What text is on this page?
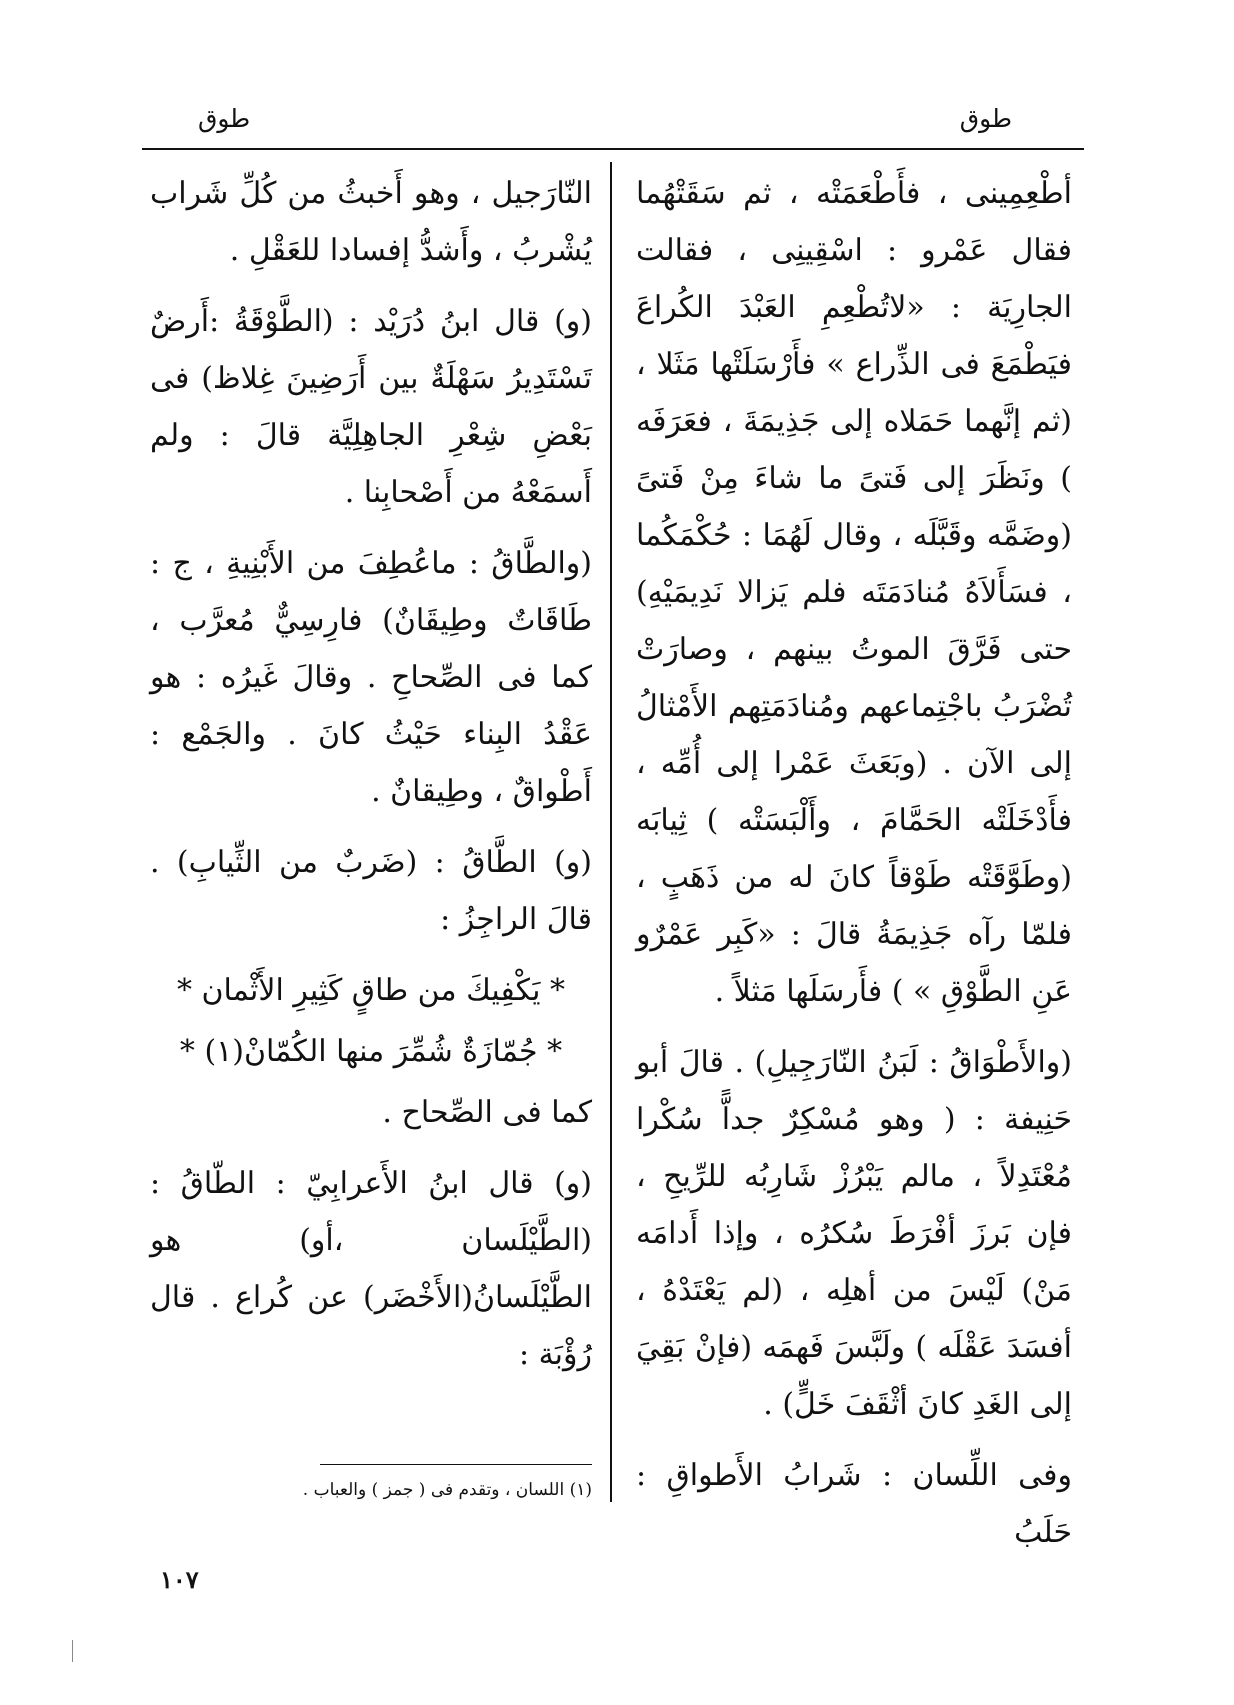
طوق	طوق

أطْعِمِينى ، فأَطْعَمَتْه ، ثم سَقَتْهُما فقال عَمْرو : اسْقِينِى ، فقالت الجارِيَة : «لاتُطْعِمِ العَبْدَ الكُراعَ فيَطْمَعَ فى الذِّراع » فأَرْسَلَتْها مَثَلا ، (ثم إنَّهما حَمَلاه إلى جَذِيمَةَ ، فعَرَفَه ) ونَظَرَ إلى فَتىً ما شاءَ مِنْ فَتىً (وضَمَّه وقَبَّلَه ، وقال لَهُمَا : حُكْمَكُما ، فسَأَلاَهُ مُنادَمَتَه فلم يَزالا نَدِيمَيْهِ) حتى فَرَّقَ الموتُ بينهم ، وصارَتْ تُضْرَبُ باجْتِماعهم ومُنادَمَتِهم الأَمْثالُ إلى الآن . (وبَعَثَ عَمْرا إلى أُمِّه ، فأَدْخَلَتْه الحَمَّامَ ، وأَلْبَسَتْه ) ثِيابَه (وطَوَّقَتْه طَوْقاً كانَ له من ذَهَبٍ ، فلمّا رآه جَذِيمَةُ قالَ : «كَبِر عَمْرٌو عَنِ الطَّوْقِ » ) فأَرسَلَها مَثلاً .

(والأَطْوَاقُ : لَبَنُ النّارَجِيلِ) . قالَ أبو حَنِيفة : ( وهو مُسْكِرٌ جداًّ سُكْرا مُعْتَدِلاً ، مالم يَبْرُزْ شَارِبُه للرِّيحِ ، فإن بَرزَ أفْرَطَ سُكرُه ، وإذا أَدامَه مَنْ) لَيْسَ من أهلِه ، (لم يَعْتَدْهُ ، أفسَدَ عَقْلَه ) ولَبَّسَ فَهمَه (فإنْ بَقِيَ إلى الغَدِ كانَ أثْقَفَ خَلٍّ) .

وفى اللِّسان : شَرابُ الأَطواقِ : حَلَبُ

النّارَجيل ، وهو أَخبثُ من كُلِّ شَراب يُشْربُ ، وأَشدُّ إفسادا للعَقْلِ .

(و) قال ابنُ دُرَيْد : (الطَّوْقَةُ :أَرضٌ تَسْتَدِيرُ سَهْلَةٌ بين أَرَضِينَ غِلاظ) فى بَعْضِ شِعْرِ الجاهِلِيَّة قالَ : ولم أَسمَعْهُ من أَصْحابِنا .

(والطَّاقُ : ماعُطِفَ من الأَبْنِيةِ ، ج : طَاقَاتٌ وطِيقَانٌ) فارِسِيٌّ مُعرَّب ، كما فى الصِّحاحِ . وقالَ غَيرُه : هو عَقْدُ البِناء حَيْثُ كانَ . والجَمْع : أَطْواقٌ ، وطِيقانٌ .

(و) الطَّاقُ : (ضَربٌ من الثِّيابِ) . قالَ الراجِزُ :

* يَكْفِيكَ من طاقٍ كَثِيرِ الأَثْمان *

* جُمّازَةٌ شُمِّرَ منها الكُمّانْ(١) *

كما فى الصِّحاح .

(و) قال ابنُ الأَعرابِيّ : الطّاقُ : (الطَّيْلَسان ،أو) هو الطَّيْلَسانُ(الأَخْضَر) عن كُراع . قال رُؤْبَة :

(١) اللسان ، وتقدم فى ( جمز ) والعباب .
١٠٧
